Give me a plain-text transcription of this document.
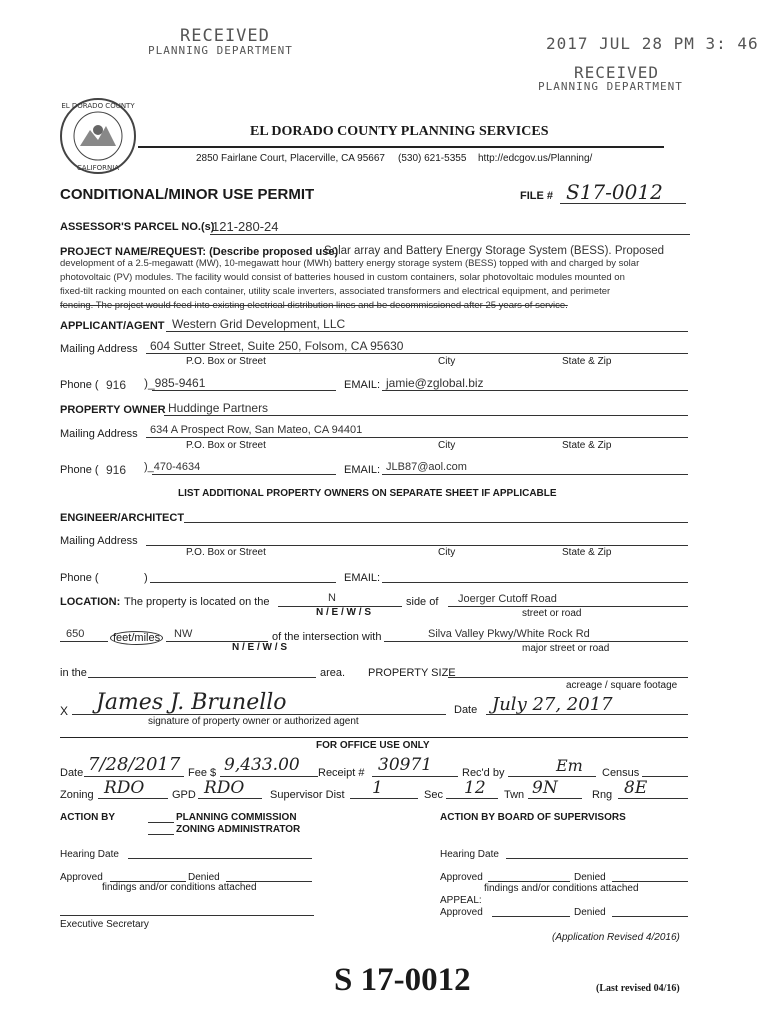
RECEIVED
PLANNING DEPARTMENT	2017 JUL 28 PM 3: 46
RECEIVED
PLANNING DEPARTMENT
EL DORADO COUNTY
CALIFORNIA
EL DORADO COUNTY PLANNING SERVICES
2850 Fairlane Court, Placerville, CA 95667 (530) 621-5355 http://edcgov.us/Planning/
CONDITIONAL/MINOR USE PERMIT	FILE # S17-0012
ASSESSOR'S PARCEL NO.(s)
121-280-24
PROJECT NAME/REQUEST: (Describe proposed use)
Solar array and Battery Energy Storage System (BESS). Proposed
development of a 2.5-megawatt (MW), 10-megawatt hour (MWh) battery energy storage system (BESS) topped with and charged by solar
photovoltaic (PV) modules. The facility would consist of batteries housed in custom containers, solar photovoltaic modules mounted on
fixed-tilt racking mounted on each container, utility scale inverters, associated transformers and electrical equipment, and perimeter
fencing. The project would feed into existing electrical distribution lines and be decommissioned after 25 years of service.
APPLICANT/AGENT Western Grid Development, LLC
Mailing Address 604 Sutter Street, Suite 250, Folsom, CA 95630
P.O. Box or Street	City	State & Zip
Phone ( 916 )_985-9461	EMAIL: jamie@zglobal.biz
PROPERTY OWNER Huddinge Partners
Mailing Address 634 A Prospect Row, San Mateo, CA 94401
P.O. Box or Street	City	State & Zip
Phone ( 916 )_470-4634	EMAIL: JLB87@aol.com
LIST ADDITIONAL PROPERTY OWNERS ON SEPARATE SHEET IF APPLICABLE
ENGINEER/ARCHITECT
Mailing Address
P.O. Box or Street	City	State & Zip
Phone (	)	EMAIL:
LOCATION: The property is located on the	N
N / E / W / S
side of Joerger Cutoff Road
street or road
650	feet/miles NW
N / E / W / S
of the intersection with	Silva Valley Pkwy/White Rock Rd
major street or road
in the	area. PROPERTY SIZE
acreage / square footage
X James J. Brunello
signature of property owner or authorized agent
Date July 27, 2017
FOR OFFICE USE ONLY
Date 7/28/2017 Fee $ 9,433.00 Receipt # 30971	Rec'd by	Em Census
Zoning RDO	GPD RDO Supervisor Dist 1	Sec 12 Twn 9N	Rng 8E
ACTION BY	PLANNING COMMISSION
ZONING ADMINISTRATOR
ACTION BY BOARD OF SUPERVISORS
Hearing Date	Hearing Date
Approved	Denied
findings and/or conditions attached
Approved	Denied
findings and/or conditions attached
APPEAL:
Approved	Denied
Executive Secretary
(Application Revised 4/2016)
S 17-0012	(Last revised 04/16)
